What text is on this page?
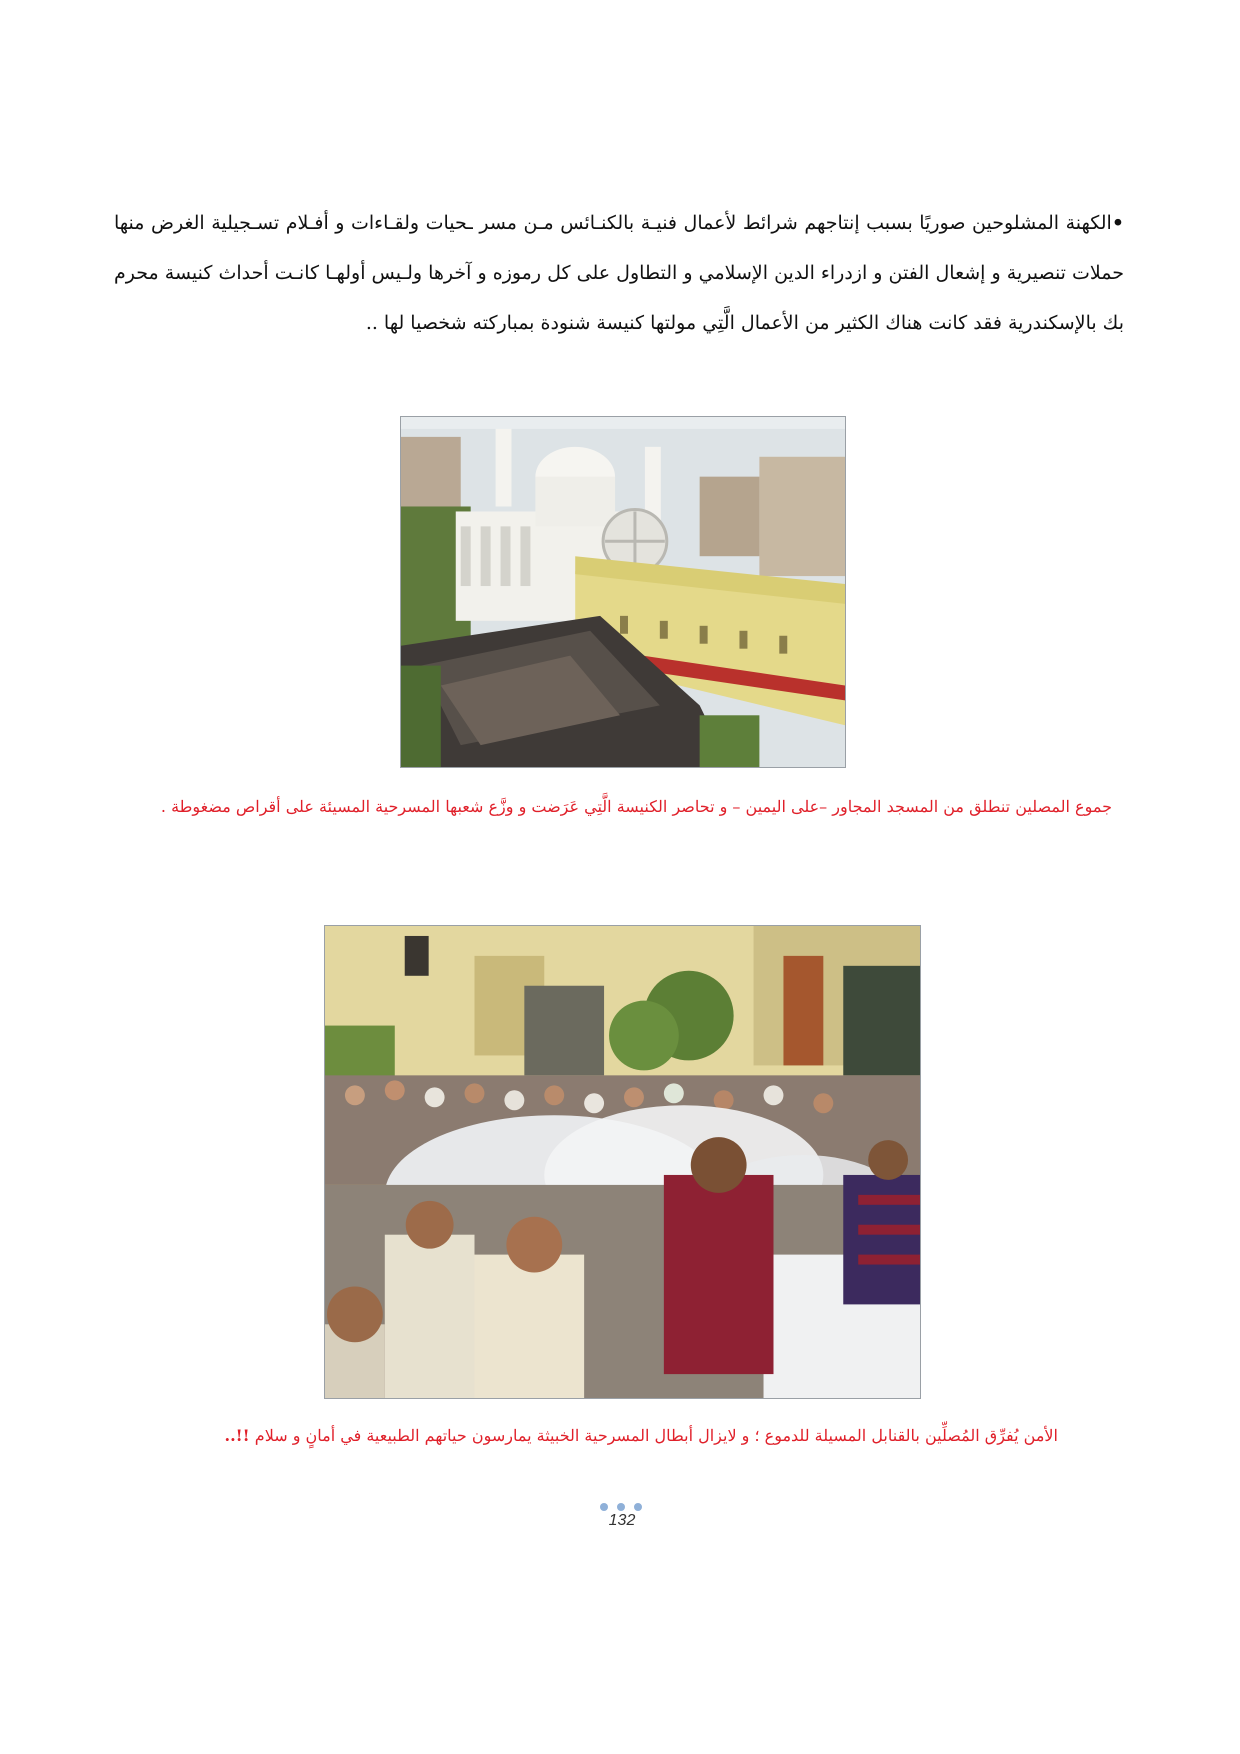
•الكهنة المشلوحين صوريًا بسبب إنتاجهم شرائط لأعمال فنيـة بالكنـائس مـن مسر ـحيات ولقـاءات و أفـلام تسـجيلية الغرض منها حملات تنصيرية و إشعال الفتن و ازدراء الدين الإسلامي و التطاول على كل رموزه و آخرها ولـيس أولهـا كانـت أحداث كنيسة محرم بك بالإسكندرية فقد كانت هناك الكثير من الأعمال الَّتِي مولتها كنيسة شنودة بمباركته شخصيا لها ..

جموع المصلين تنطلق من المسجد المجاور –على اليمين – و تحاصر الكنيسة الَّتِي عَرَضت و وزَّع شعبها المسرحية المسيئة على أقراص مضغوطة .

الأمن يُفرِّق المُصلِّين بالقنابل المسيلة للدموع ؛ و لايزال أبطال المسرحية الخبيثة يمارسون حياتهم الطبيعية في أمانٍ و سلام !!..

132
